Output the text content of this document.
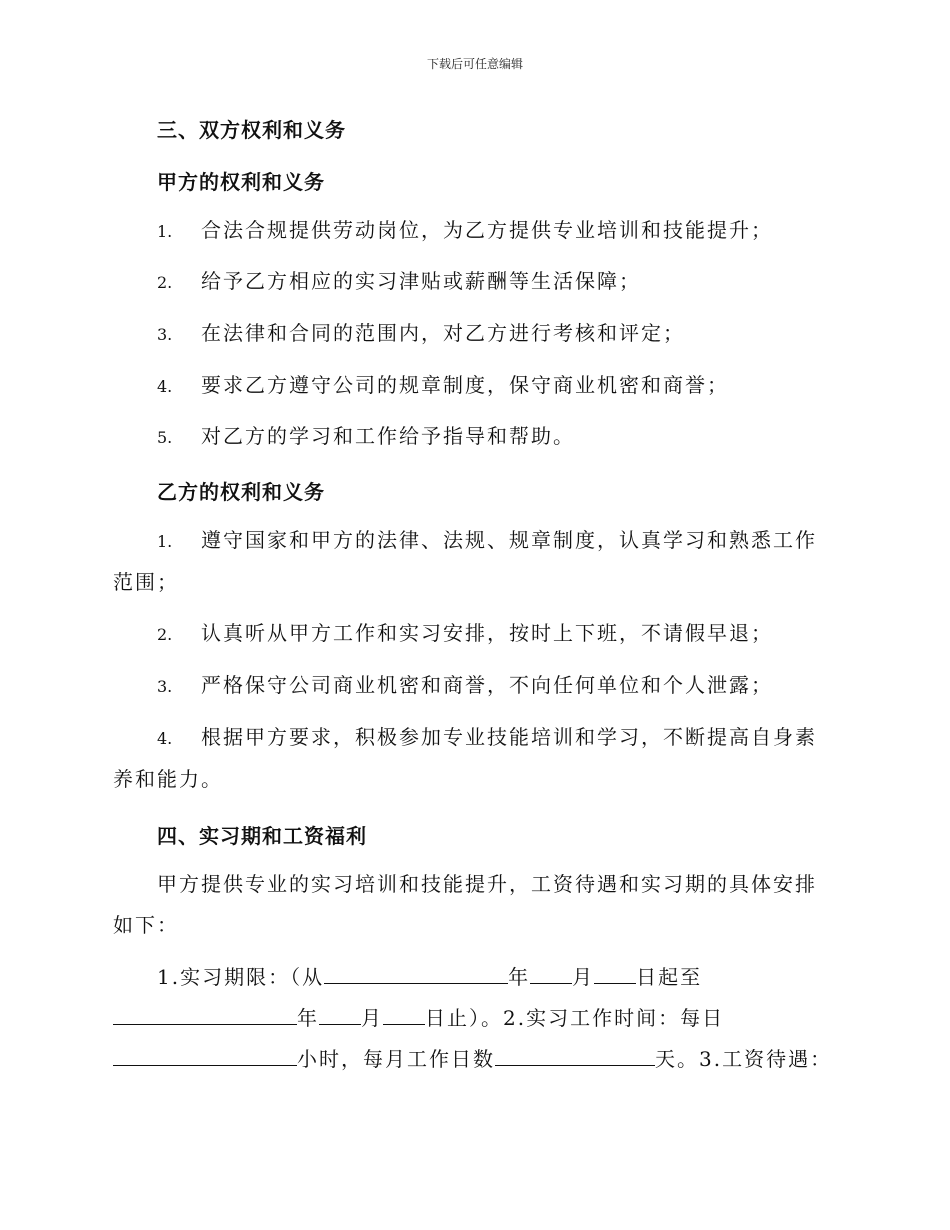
下载后可任意编辑
三、双方权利和义务
甲方的权利和义务
1. 合法合规提供劳动岗位，为乙方提供专业培训和技能提升；
2. 给予乙方相应的实习津贴或薪酬等生活保障；
3. 在法律和合同的范围内，对乙方进行考核和评定；
4. 要求乙方遵守公司的规章制度，保守商业机密和商誉；
5. 对乙方的学习和工作给予指导和帮助。
乙方的权利和义务
1. 遵守国家和甲方的法律、法规、规章制度，认真学习和熟悉工作范围；
2. 认真听从甲方工作和实习安排，按时上下班，不请假早退；
3. 严格保守公司商业机密和商誉，不向任何单位和个人泄露；
4. 根据甲方要求，积极参加专业技能培训和学习，不断提高自身素养和能力。
四、实习期和工资福利
甲方提供专业的实习培训和技能提升，工资待遇和实习期的具体安排如下：
1.实习期限：（从	年 月 日起至年 月 日止）。2.实习工作时间：每日小时，每月工作日数	天。3.工资待遇：
